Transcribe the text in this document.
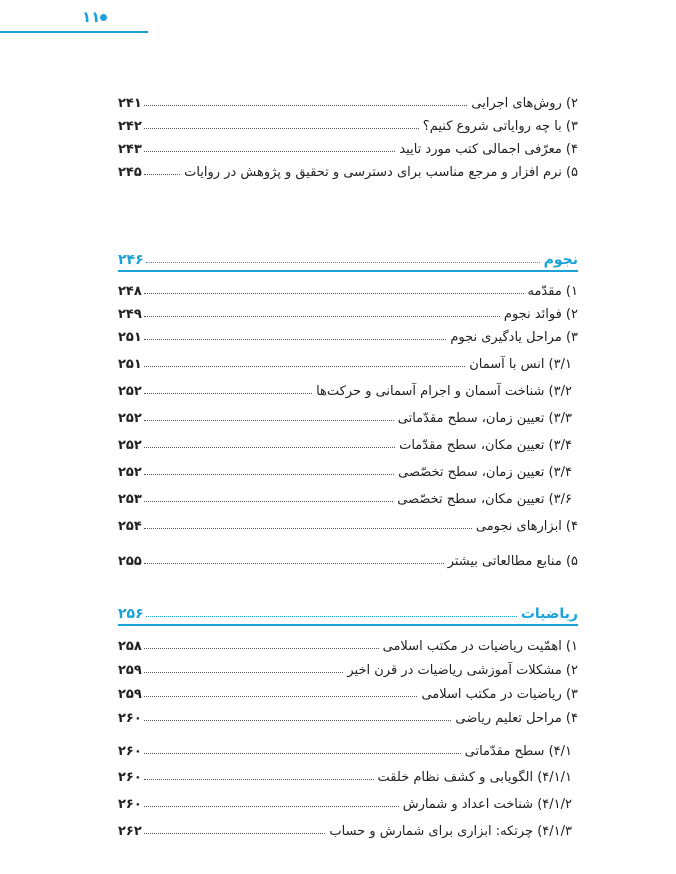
۱۱
۲) روش‌های اجرایی
۲۴۱
۳) با چه روایاتی شروع کنیم؟
۲۴۲
۴) معرّفی اجمالی کتب مورد تایید
۲۴۳
۵) نرم افزار و مرجع مناسب برای دسترسی و تحقیق و پژوهش در روایات
۲۴۵
نجوم
۲۴۶
۱) مقدّمه
۲۴۸
۲) فوائد نجوم
۲۴۹
۳) مراحل یادگیری نجوم
۲۵۱
۳/۱) انس با آسمان
۲۵۱
۳/۲) شناخت آسمان و اجرام آسمانی و حرکت‌ها
۲۵۲
۳/۳) تعیین زمان، سطح مقدّماتی
۲۵۲
۳/۴) تعیین مکان، سطح مقدّمات
۲۵۲
۳/۴) تعیین زمان، سطح تخصّصی
۲۵۲
۳/۶) تعیین مکان، سطح تخصّصی
۲۵۳
۴) ابزارهای نجومی
۲۵۴
۵) منابع مطالعاتی بیشتر
۲۵۵
ریاضیات
۲۵۶
۱) اهمّیت ریاضیات در مکتب اسلامی
۲۵۸
۲) مشکلات آموزشی ریاضیات در قرن اخیر
۲۵۹
۳) ریاضیات در مکتب اسلامی
۲۵۹
۴) مراحل تعلیم ریاضی
۲۶۰
۴/۱) سطح مقدّماتی
۲۶۰
۴/۱/۱) الگویابی و کشف نظام خلقت
۲۶۰
۴/۱/۲) شناخت اعداد و شمارش
۲۶۰
۴/۱/۳) چرتکه: ابزاری برای شمارش و حساب
۲۶۲
